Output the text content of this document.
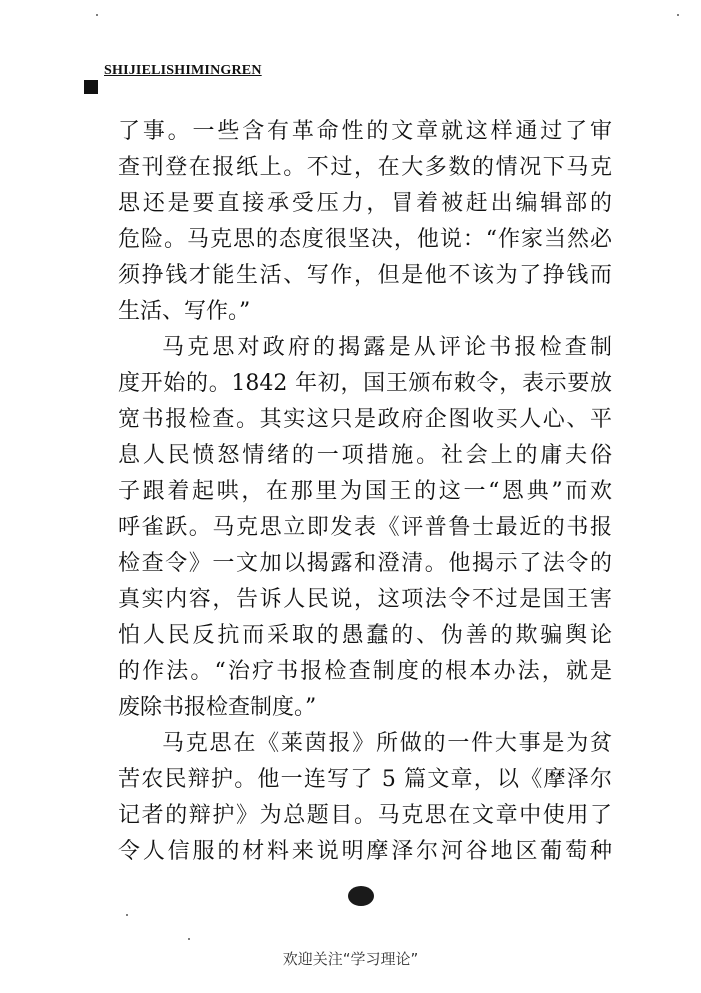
SHIJIELISHIMINGREN
了事。一些含有革命性的文章就这样通过了审
查刊登在报纸上。不过，在大多数的情况下马克
思还是要直接承受压力，冒着被赶出编辑部的
危险。马克思的态度很坚决，他说：“作家当然必
须挣钱才能生活、写作，但是他不该为了挣钱而
生活、写作。”
马克思对政府的揭露是从评论书报检查制
度开始的。1842 年初，国王颁布敕令，表示要放
宽书报检查。其实这只是政府企图收买人心、平
息人民愤怒情绪的一项措施。社会上的庸夫俗
子跟着起哄，在那里为国王的这一“恩典”而欢
呼雀跃。马克思立即发表《评普鲁士最近的书报
检查令》一文加以揭露和澄清。他揭示了法令的
真实内容，告诉人民说，这项法令不过是国王害
怕人民反抗而采取的愚蠢的、伪善的欺骗舆论
的作法。“治疗书报检查制度的根本办法，就是
废除书报检查制度。”
马克思在《莱茵报》所做的一件大事是为贫
苦农民辩护。他一连写了 5 篇文章，以《摩泽尔
记者的辩护》为总题目。马克思在文章中使用了
令人信服的材料来说明摩泽尔河谷地区葡萄种
欢迎关注“学习理论”
